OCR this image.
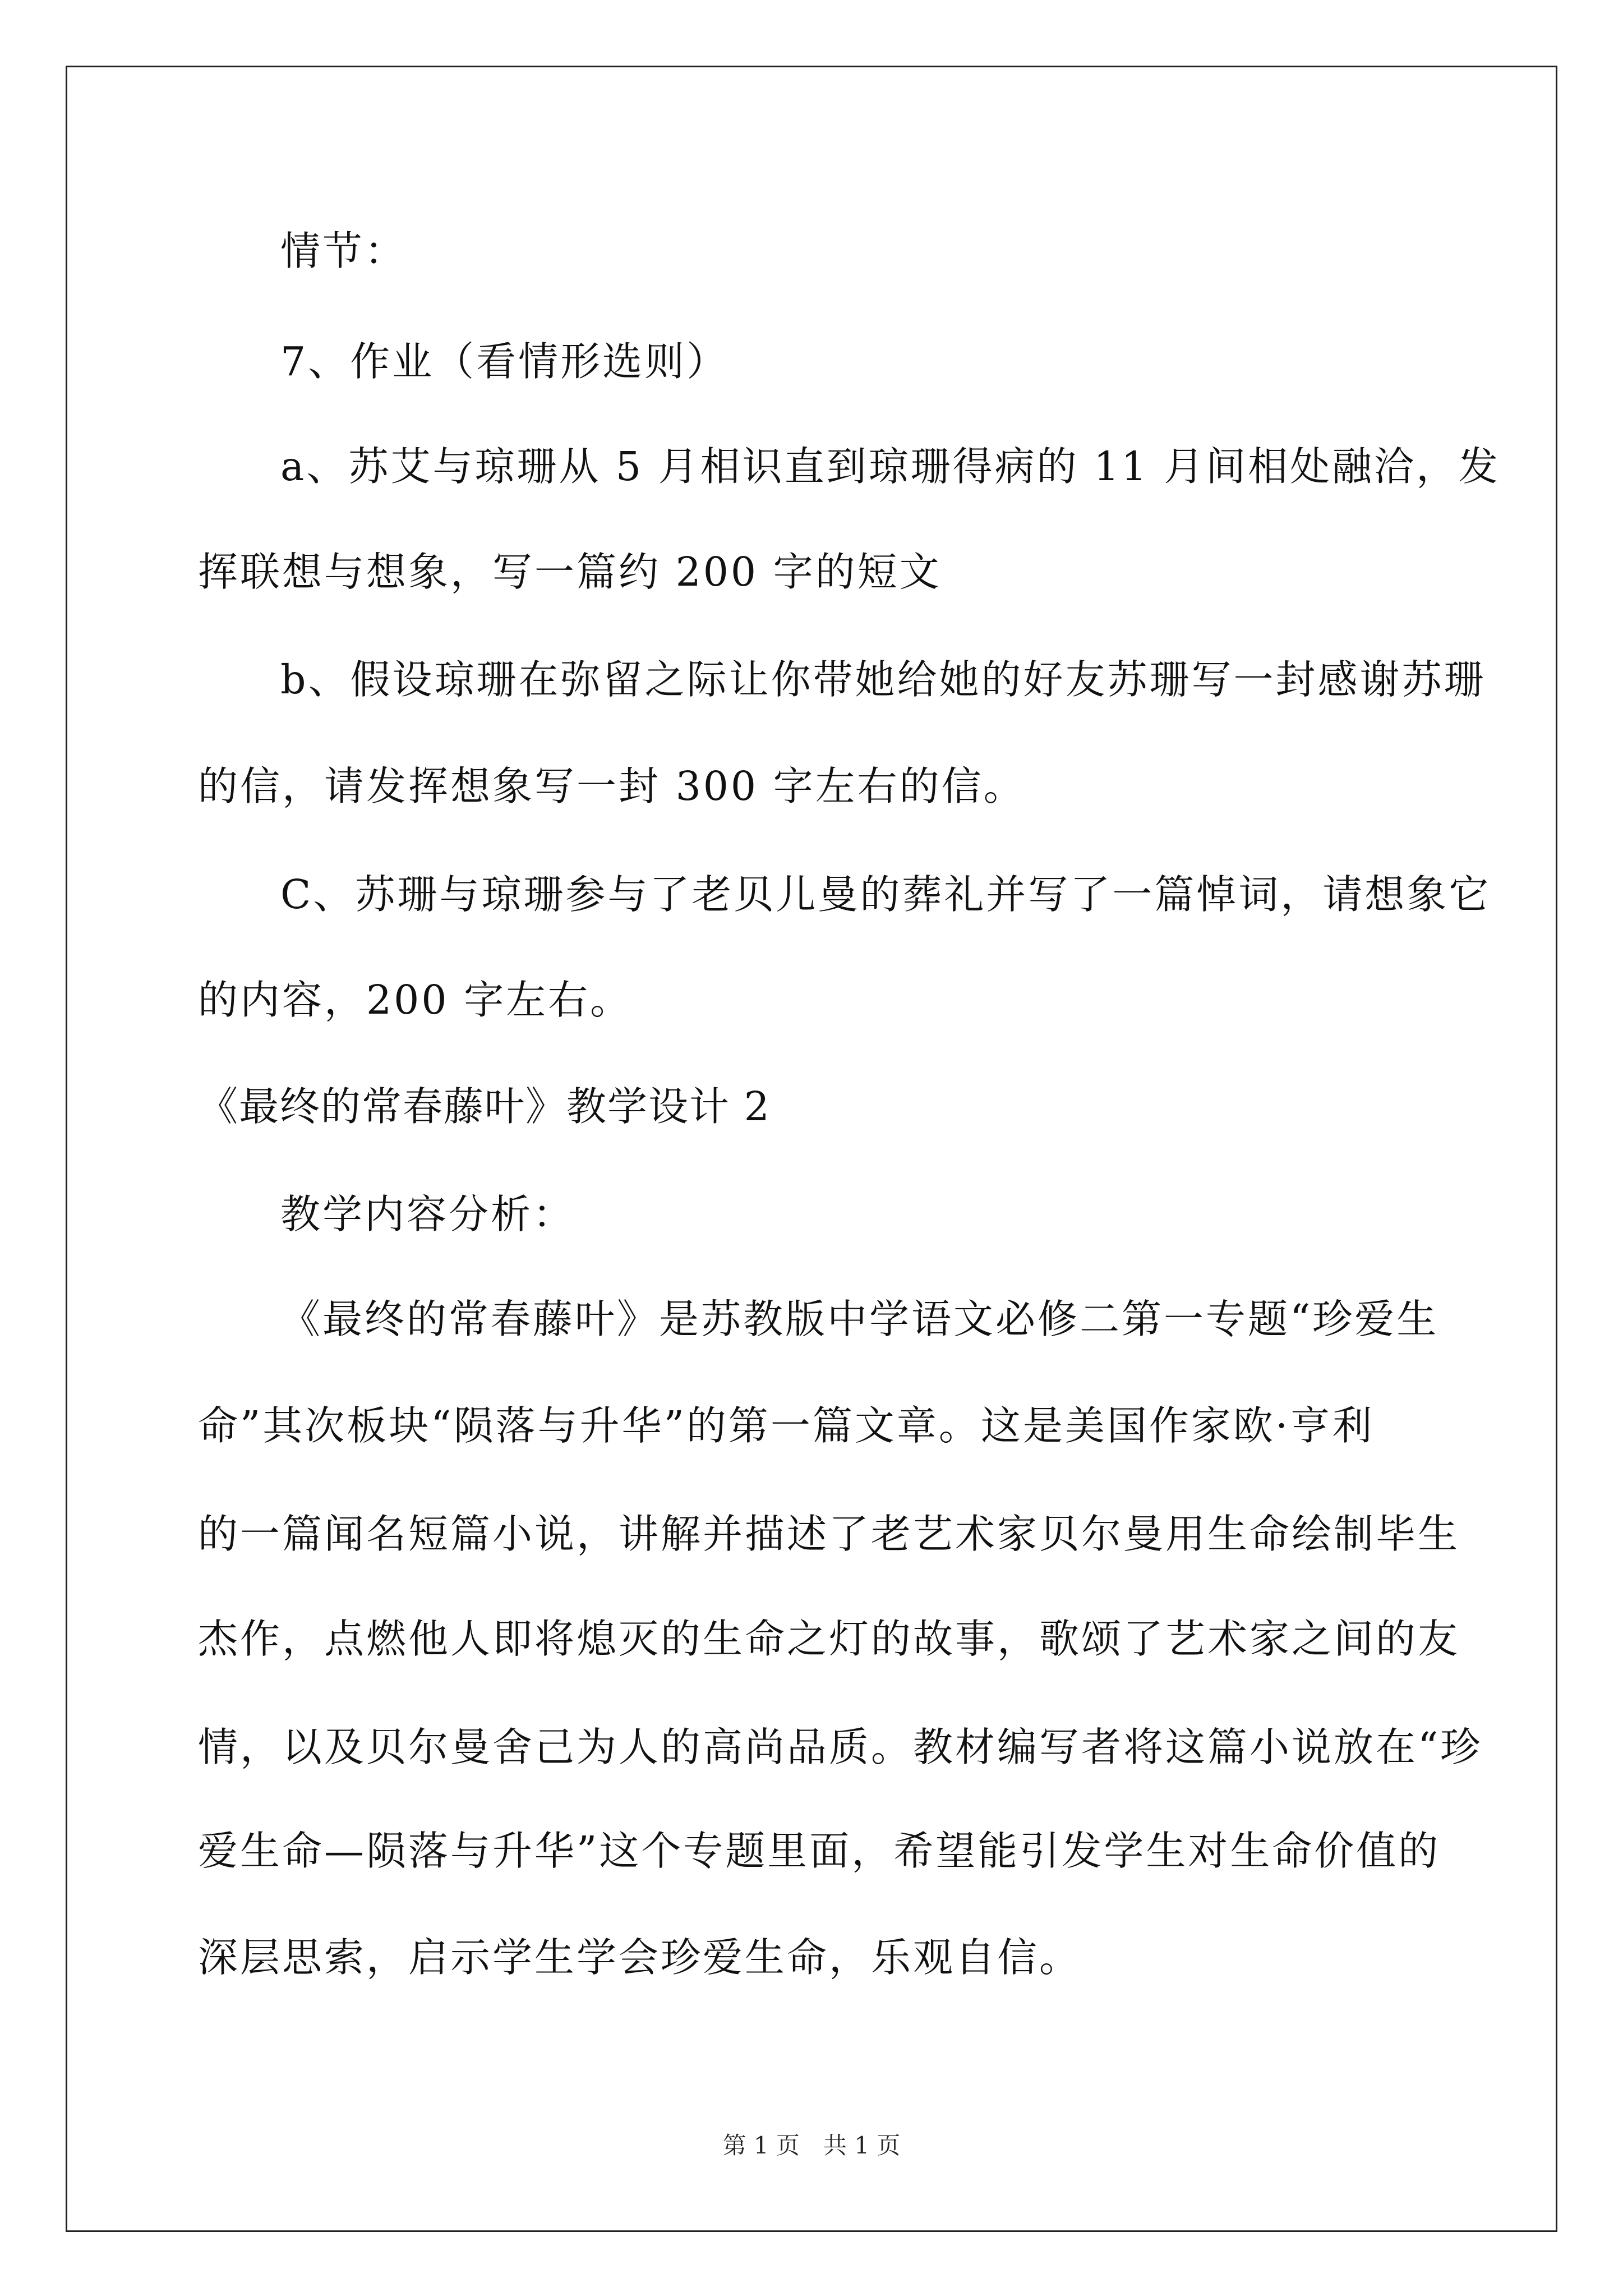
情节：
7、作业（看情形选则）
a、苏艾与琼珊从 5 月相识直到琼珊得病的 11 月间相处融洽，发
挥联想与想象，写一篇约 200 字的短文
b、假设琼珊在弥留之际让你带她给她的好友苏珊写一封感谢苏珊
的信，请发挥想象写一封 300 字左右的信。
C、苏珊与琼珊参与了老贝儿曼的葬礼并写了一篇悼词，请想象它
的内容，200 字左右。
《最终的常春藤叶》教学设计 2
教学内容分析：
《最终的常春藤叶》是苏教版中学语文必修二第一专题“珍爱生
命”其次板块“陨落与升华”的第一篇文章。这是美国作家欧·亨利
的一篇闻名短篇小说，讲解并描述了老艺术家贝尔曼用生命绘制毕生
杰作，点燃他人即将熄灭的生命之灯的故事，歌颂了艺术家之间的友
情，以及贝尔曼舍己为人的高尚品质。教材编写者将这篇小说放在“珍
爱生命—陨落与升华”这个专题里面，希望能引发学生对生命价值的
深层思索，启示学生学会珍爱生命，乐观自信。
第 1 页　共 1 页
